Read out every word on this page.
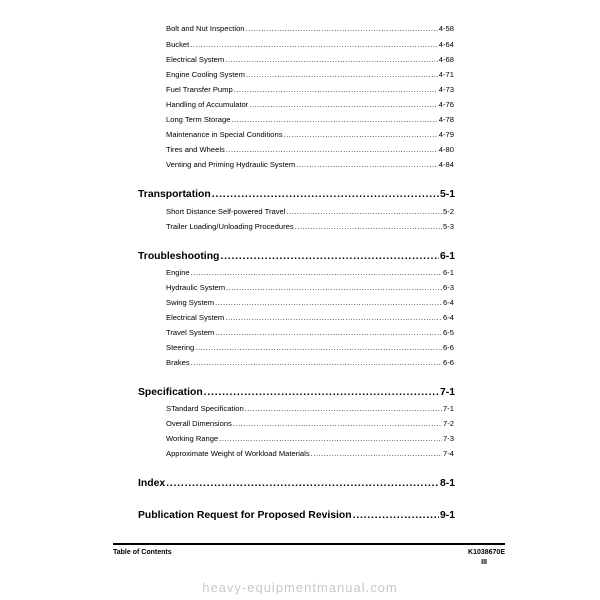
Bolt and Nut Inspection .....	4-58
Bucket .....	4-64
Electrical System .....	4-68
Engine Cooling System .....	4-71
Fuel Transfer Pump .....	4-73
Handling of Accumulator .....	4-76
Long Term Storage .....	4-78
Maintenance in Special Conditions .....	4-79
Tires and Wheels .....	4-80
Venting and Priming Hydraulic System .....	4-84
Transportation .....	5-1
Short Distance Self-powered Travel .....	5-2
Trailer Loading/Unloading Procedures .....	5-3
Troubleshooting .....	6-1
Engine .....	6-1
Hydraulic System .....	6-3
Swing System .....	6-4
Electrical System .....	6-4
Travel System .....	6-5
Steering .....	6-6
Brakes .....	6-6
Specification .....	7-1
STandard Specification .....	7-1
Overall Dimensions .....	7-2
Working Range .....	7-3
Approximate Weight of Workload Materials .....	7-4
Index .....	8-1
Publication Request for Proposed Revision .....	9-1
Table of Contents	K1038670E
III
heavy-equipmentmanual.com
